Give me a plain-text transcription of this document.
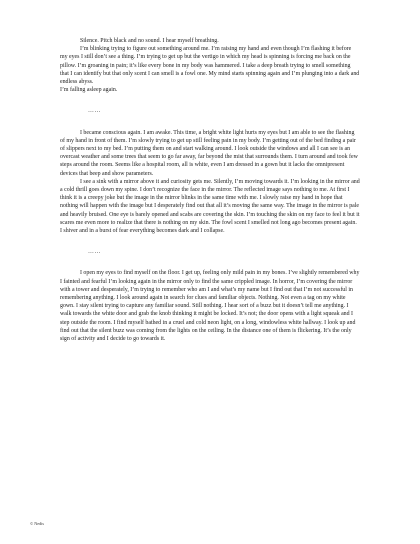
Silence. Pitch black and no sound. I hear myself breathing.

I’m blinking trying to figure out something around me. I’m raising my hand and even though I’m flashing it before my eyes I still don’t see a thing. I’m trying to get up but the vertigo in which my head is spinning is forcing me back on the pillow. I’m groaning in pain; it’s like every bone in my body was hammered. I take a deep breath trying to smell something that I can identify but that only scent I can smell is a fowl one. My mind starts spinning again and I’m plunging into a dark and endless abyss.

I’m falling asleep again.

……

I became conscious again. I am awake. This time, a bright white light hurts my eyes but I am able to see the flashing of my hand in front of them. I’m slowly trying to get up still feeling pain in my body. I’m getting out of the bed finding a pair of slippers next to my bed. I’m putting them on and start walking around. I look outside the windows and all I can see is an overcast weather and some trees that seem to go far away, far beyond the mist that surrounds them. I turn around and took few steps around the room. Seems like a hospital room, all is white, even I am dressed in a gown but it lacks the omnipresent devices that beep and show parameters.

I see a sink with a mirror above it and curiosity gets me. Silently, I’m moving towards it. I’m looking in the mirror and a cold thrill goes down my spine. I don’t recognize the face in the mirror. The reflected image says nothing to me. At first I think it is a creepy joke but the image in the mirror blinks in the same time with me. I slowly raise my hand in hope that nothing will happen with the image but I desperately find out that all it’s moving the same way. The image in the mirror is pale and heavily bruised. One eye is barely opened and scabs are covering the skin. I’m touching the skin on my face to feel it but it scares me even more to realize that there is nothing on my skin. The fowl scent I smelled not long ago becomes present again. I shiver and in a burst of fear everything becomes dark and I collapse.

……

I open my eyes to find myself on the floor. I get up, feeling only mild pain in my bones. I’ve slightly remembered why I fainted and fearful I’m looking again in the mirror only to find the same crippled image. In horror, I’m covering the mirror with a tower and desperately, I’m trying to remember who am I and what’s my name but I find out that I’m not successful in remembering anything. I look around again in search for clues and familiar objects. Nothing. Not even a tag on my white gown. I stay silent trying to capture any familiar sound. Still nothing. I hear sort of a buzz but it doesn’t tell me anything. I walk towards the white door and grab the knob thinking it might be locked. It’s not; the door opens with a light squeak and I step outside the room. I find myself bathed in a cruel and cold neon light, on a long, windowless white hallway. I look up and find out that the silent buzz was coming from the lights on the ceiling. In the distance one of them is flickering. It’s the only sign of activity and I decide to go towards it.

© Nedis
